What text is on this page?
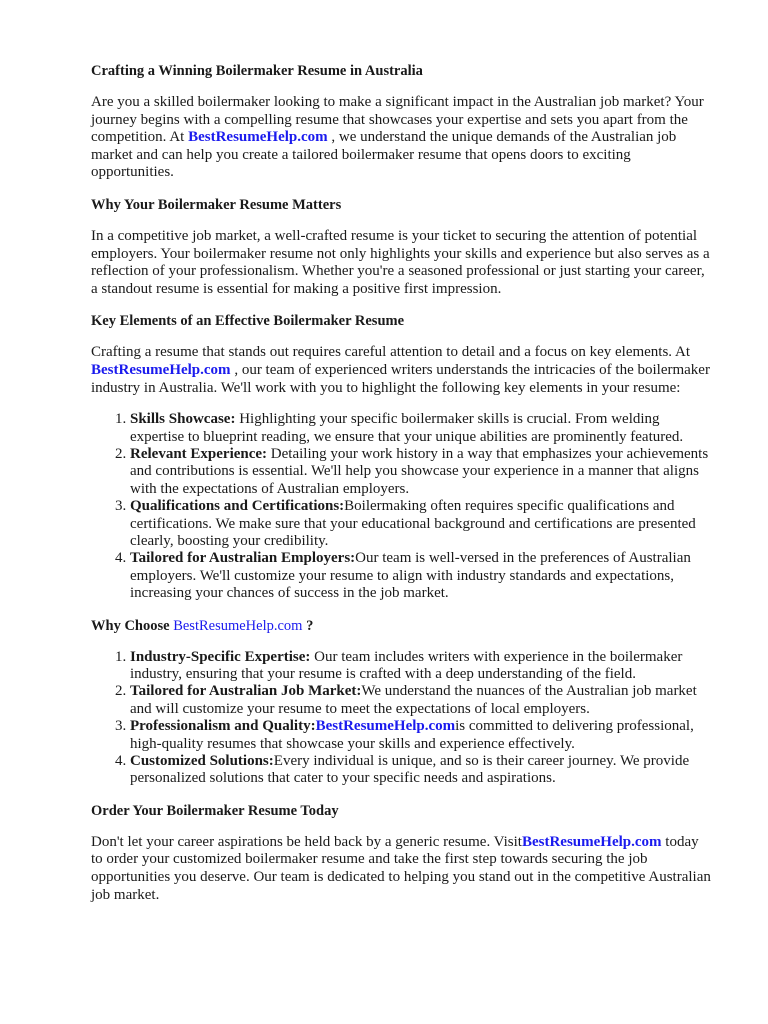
Crafting a Winning Boilermaker Resume in Australia

Are you a skilled boilermaker looking to make a significant impact in the Australian job market? Your journey begins with a compelling resume that showcases your expertise and sets you apart from the competition. At BestResumeHelp.com , we understand the unique demands of the Australian job market and can help you create a tailored boilermaker resume that opens doors to exciting opportunities.

Why Your Boilermaker Resume Matters

In a competitive job market, a well-crafted resume is your ticket to securing the attention of potential employers. Your boilermaker resume not only highlights your skills and experience but also serves as a reflection of your professionalism. Whether you're a seasoned professional or just starting your career, a standout resume is essential for making a positive first impression.

Key Elements of an Effective Boilermaker Resume

Crafting a resume that stands out requires careful attention to detail and a focus on key elements. At BestResumeHelp.com , our team of experienced writers understands the intricacies of the boilermaker industry in Australia. We'll work with you to highlight the following key elements in your resume:

1. Skills Showcase: Highlighting your specific boilermaker skills is crucial. From welding expertise to blueprint reading, we ensure that your unique abilities are prominently featured.
2. Relevant Experience: Detailing your work history in a way that emphasizes your achievements and contributions is essential. We'll help you showcase your experience in a manner that aligns with the expectations of Australian employers.
3. Qualifications and Certifications:Boilermaking often requires specific qualifications and certifications. We make sure that your educational background and certifications are presented clearly, boosting your credibility.
4. Tailored for Australian Employers:Our team is well-versed in the preferences of Australian employers. We'll customize your resume to align with industry standards and expectations, increasing your chances of success in the job market.
Why Choose BestResumeHelp.com ?
1. Industry-Specific Expertise: Our team includes writers with experience in the boilermaker industry, ensuring that your resume is crafted with a deep understanding of the field.
2. Tailored for Australian Job Market:We understand the nuances of the Australian job market and will customize your resume to meet the expectations of local employers.
3. Professionalism and Quality:BestResumeHelp.comis committed to delivering professional, high-quality resumes that showcase your skills and experience effectively.
4. Customized Solutions:Every individual is unique, and so is their career journey. We provide personalized solutions that cater to your specific needs and aspirations.
Order Your Boilermaker Resume Today

Don't let your career aspirations be held back by a generic resume. VisitBestResumeHelp.com today to order your customized boilermaker resume and take the first step towards securing the job opportunities you deserve. Our team is dedicated to helping you stand out in the competitive Australian job market.
